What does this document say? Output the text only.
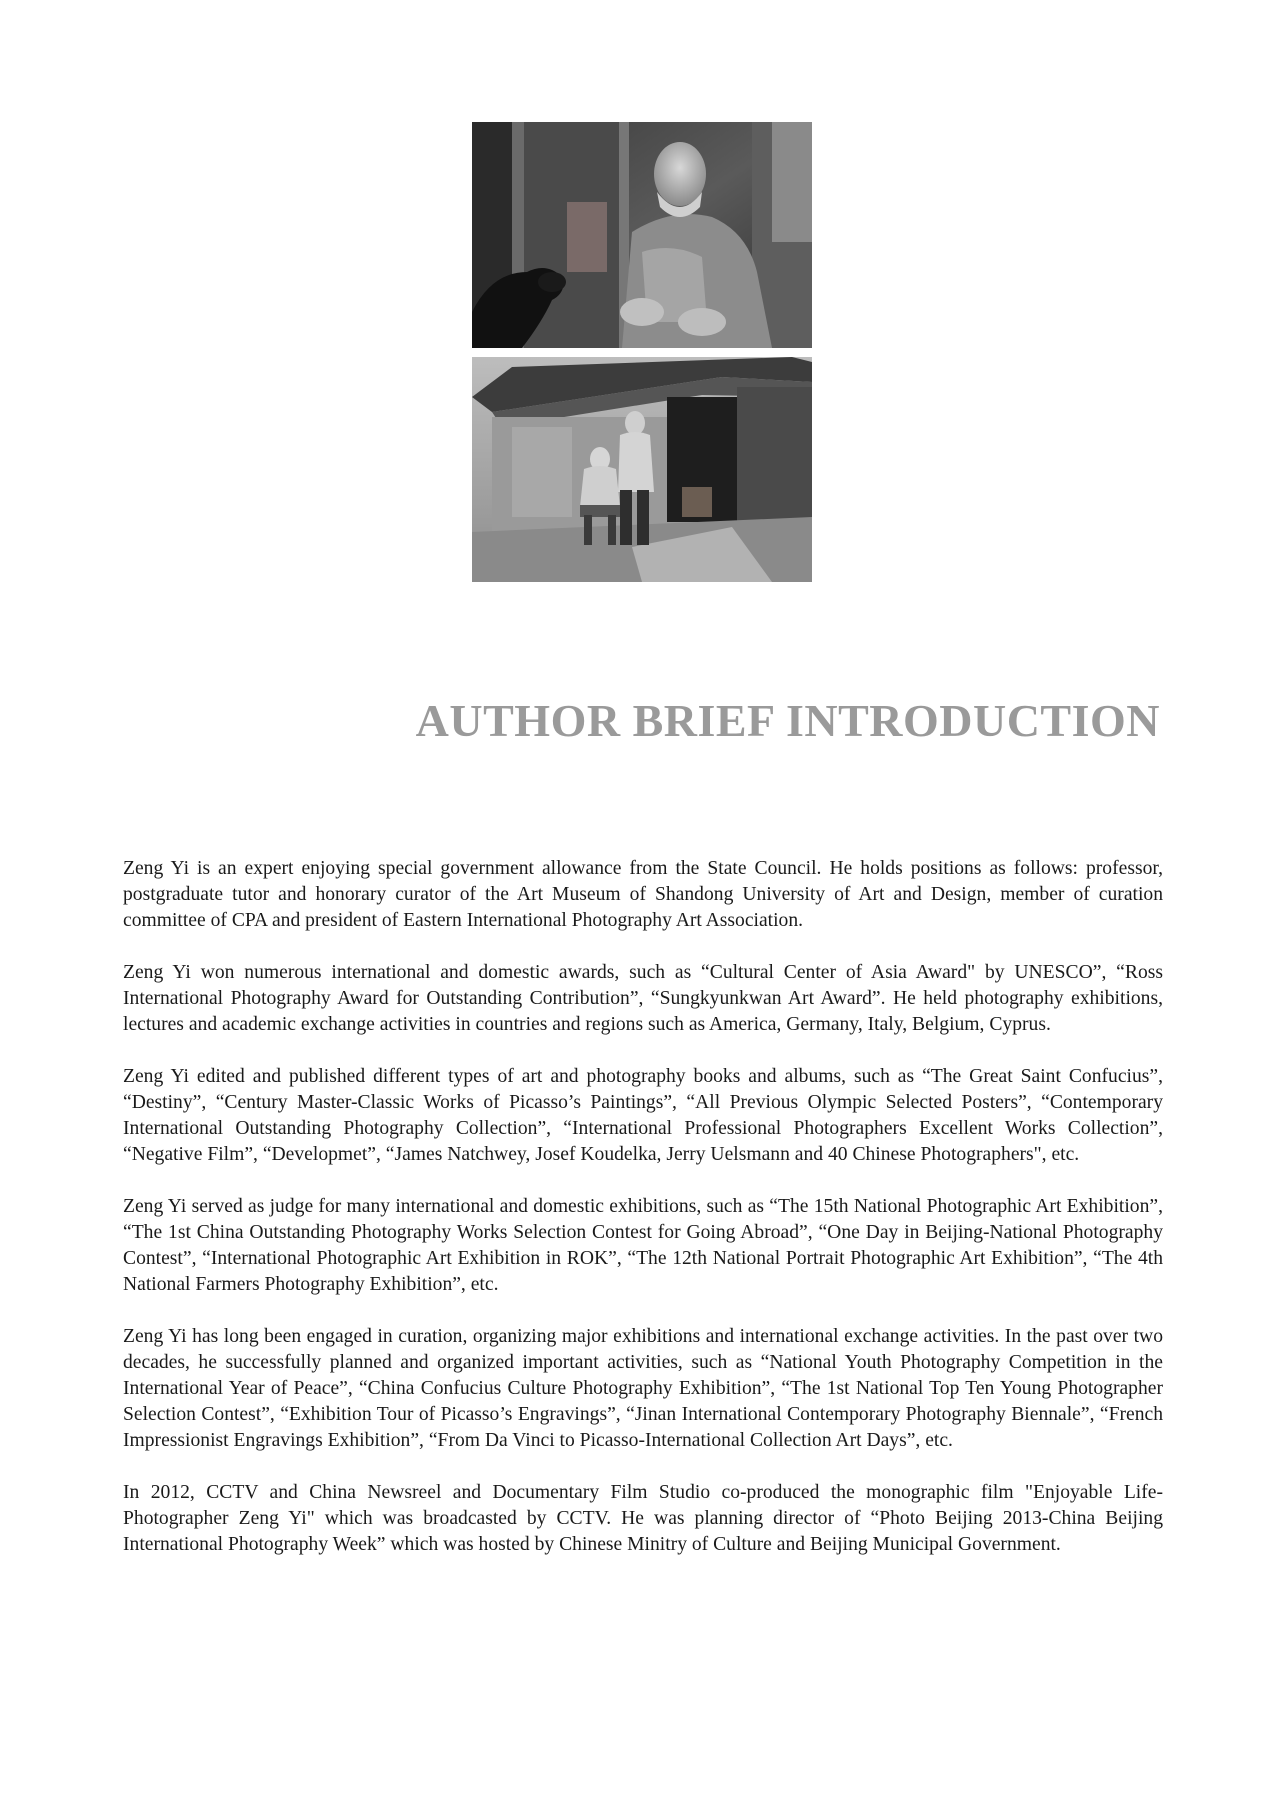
AUTHOR BRIEF INTRODUCTION

Zeng Yi is an expert enjoying special government allowance from the State Council. He holds positions as follows: professor, postgraduate tutor and honorary curator of the Art Museum of Shandong University of Art and Design, member of curation committee of CPA and president of Eastern International Photography Art Association.

Zeng Yi won numerous international and domestic awards, such as “Cultural Center of Asia Award" by UNESCO”, “Ross International Photography Award for Outstanding Contribution”, “Sungkyunkwan Art Award”. He held photography exhibitions, lectures and academic exchange activities in countries and regions such as America, Germany, Italy, Belgium, Cyprus.

Zeng Yi edited and published different types of art and photography books and albums, such as “The Great Saint Confucius”, “Destiny”, “Century Master-Classic Works of Picasso’s Paintings”, “All Previous Olympic Selected Posters”, “Contemporary International Outstanding Photography Collection”, “International Professional Photographers Excellent Works Collection”, “Negative Film”, “Developmet”, “James Natchwey, Josef Koudelka, Jerry Uelsmann and 40 Chinese Photographers", etc.

Zeng Yi served as judge for many international and domestic exhibitions, such as “The 15th National Photographic Art Exhibition”, “The 1st China Outstanding Photography Works Selection Contest for Going Abroad”, “One Day in Beijing-National Photography Contest”, “International Photographic Art Exhibition in ROK”, “The 12th National Portrait Photographic Art Exhibition”, “The 4th National Farmers Photography Exhibition”, etc.

Zeng Yi has long been engaged in curation, organizing major exhibitions and international exchange activities. In the past over two decades, he successfully planned and organized important activities, such as “National Youth Photography Competition in the International Year of Peace”, “China Confucius Culture Photography Exhibition”, “The 1st National Top Ten Young Photographer Selection Contest”, “Exhibition Tour of Picasso’s Engravings”, “Jinan International Contemporary Photography Biennale”, “French Impressionist Engravings Exhibition”, “From Da Vinci to Picasso-International Collection Art Days”, etc.

In 2012, CCTV and China Newsreel and Documentary Film Studio co-produced the monographic film "Enjoyable Life-Photographer Zeng Yi" which was broadcasted by CCTV. He was planning director of “Photo Beijing 2013-China Beijing International Photography Week” which was hosted by Chinese Minitry of Culture and Beijing Municipal Government.
